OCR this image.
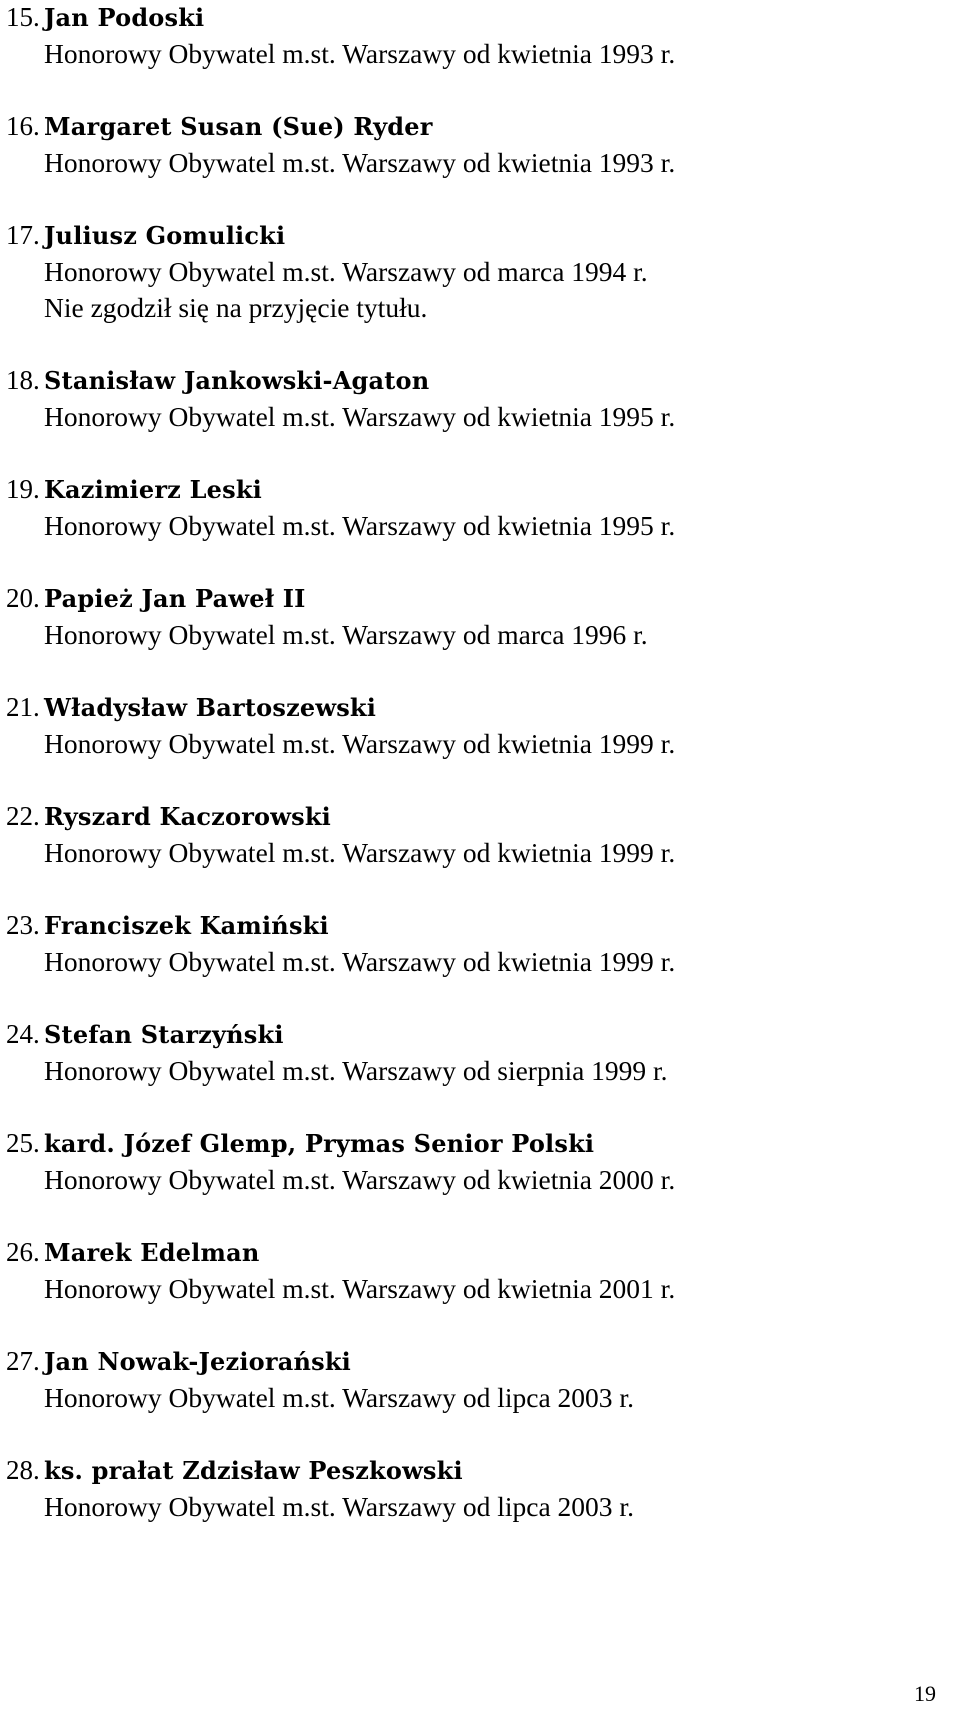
15. Jan Podoski
Honorowy Obywatel m.st. Warszawy od kwietnia 1993 r.
16. Margaret Susan (Sue) Ryder
Honorowy Obywatel m.st. Warszawy od kwietnia 1993 r.
17. Juliusz Gomulicki
Honorowy Obywatel m.st. Warszawy od marca 1994 r.
Nie zgodził się na przyjęcie tytułu.
18. Stanisław Jankowski-Agaton
Honorowy Obywatel m.st. Warszawy od kwietnia 1995 r.
19. Kazimierz Leski
Honorowy Obywatel m.st. Warszawy od kwietnia 1995 r.
20. Papież Jan Paweł II
Honorowy Obywatel m.st. Warszawy od marca 1996 r.
21. Władysław Bartoszewski
Honorowy Obywatel m.st. Warszawy od kwietnia 1999 r.
22. Ryszard Kaczorowski
Honorowy Obywatel m.st. Warszawy od kwietnia 1999 r.
23. Franciszek Kamiński
Honorowy Obywatel m.st. Warszawy od kwietnia 1999 r.
24. Stefan Starzyński
Honorowy Obywatel m.st. Warszawy od sierpnia 1999 r.
25. kard. Józef Glemp, Prymas Senior Polski
Honorowy Obywatel m.st. Warszawy od kwietnia 2000 r.
26. Marek Edelman
Honorowy Obywatel m.st. Warszawy od kwietnia 2001 r.
27. Jan Nowak-Jeziorański
Honorowy Obywatel m.st. Warszawy od lipca 2003 r.
28. ks. prałat Zdzisław Peszkowski
Honorowy Obywatel m.st. Warszawy od lipca 2003 r.
19
